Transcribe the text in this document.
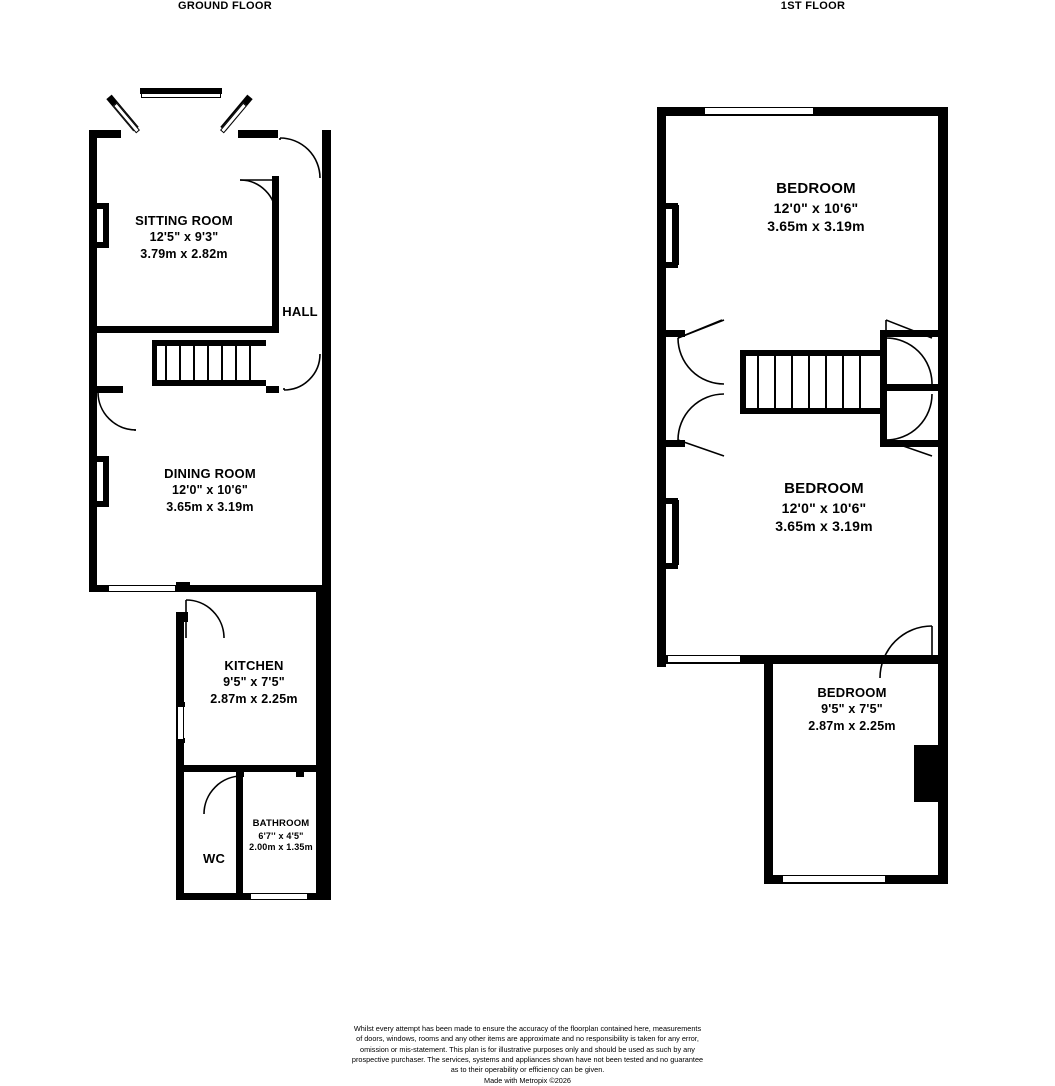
GROUND FLOOR	1ST FLOOR
SITTING ROOM
12'5" x 9'3"
3.79m x 2.82m
HALL
DINING ROOM
12'0" x 10'6"
3.65m x 3.19m
KITCHEN
9'5" x 7'5"
2.87m x 2.25m
BATHROOM
6'7'' x 4'5"
2.00m x 1.35m
WC
BEDROOM
12'0" x 10'6"
3.65m x 3.19m
BEDROOM
12'0" x 10'6"
3.65m x 3.19m
BEDROOM
9'5" x 7'5"
2.87m x 2.25m
Whilst every attempt has been made to ensure the accuracy of the floorplan contained here, measurements
of doors, windows, rooms and any other items are approximate and no responsibility is taken for any error,
omission or mis-statement. This plan is for illustrative purposes only and should be used as such by any
prospective purchaser. The services, systems and appliances shown have not been tested and no guarantee
as to their operability or efficiency can be given.
Made with Metropix ©2026
